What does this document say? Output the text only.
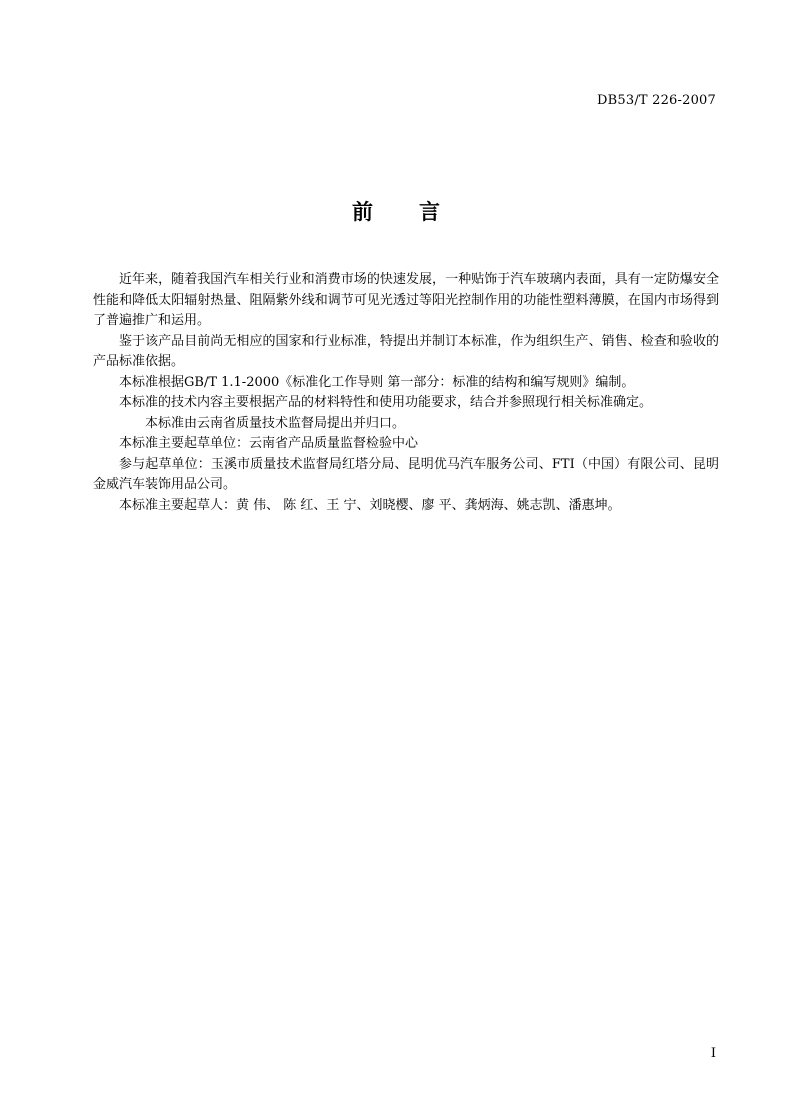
DB53/T 226-2007
前言

近年来，随着我国汽车相关行业和消费市场的快速发展，一种贴饰于汽车玻璃内表面，具有一定防爆安全性能和降低太阳辐射热量、阻隔紫外线和调节可见光透过等阳光控制作用的功能性塑料薄膜，在国内市场得到了普遍推广和运用。

鉴于该产品目前尚无相应的国家和行业标准，特提出并制订本标准，作为组织生产、销售、检查和验收的产品标准依据。

本标准根据GB/T 1.1-2000《标准化工作导则 第一部分：标准的结构和编写规则》编制。

本标准的技术内容主要根据产品的材料特性和使用功能要求，结合并参照现行相关标准确定。

本标准由云南省质量技术监督局提出并归口。

本标准主要起草单位：云南省产品质量监督检验中心

参与起草单位：玉溪市质量技术监督局红塔分局、昆明优马汽车服务公司、FTI（中国）有限公司、昆明金威汽车装饰用品公司。

本标准主要起草人：黄 伟、 陈 红、王 宁、刘晓樱、廖 平、龚炳海、姚志凯、潘惠坤。

I
